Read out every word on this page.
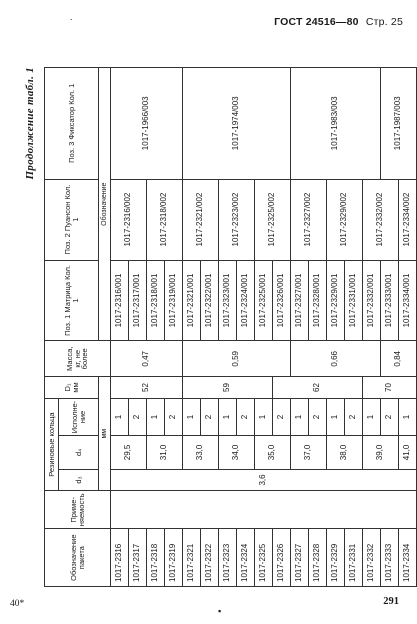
ГОСТ 24516—80 Стр. 25
.
Продолжение табл. 1
Обозначение пакета	Приме- няемость	Резиновые кольца			D₁ мм	Масса, кг, не более	Поз. 1 Матрица Кол. 1	Поз. 2 Пуансон Кол. 1	Поз. 3 Фиксатор Кол. 1
		d₃	d₄	Исполне- ние					
		мм					Обозначение		
1017-2316		3,6	29,5	1	52	0,47	1017-2316/001	1017-2316/002	1017-1966/003
1017-2317				2			1017-2317/001		
1017-2318			31,0	1			1017-2318/001	1017-2318/002	
1017-2319				2			1017-2319/001		
1017-2321			33,0	1	59	0,59	1017-2321/001	1017-2321/002	1017-1974/003
1017-2322				2			1017-2322/001		
1017-2323			34,0	1			1017-2323/001	1017-2323/002	
1017-2324				2			1017-2324/001		
1017-2325			35,0	1			1017-2325/001	1017-2325/002	
1017-2326				2	62		1017-2326/001		
1017-2327			37,0	1		0,66	1017-2327/001	1017-2327/002	1017-1983/003
1017-2328				2			1017-2328/001		
1017-2329			38,0	1			1017-2329/001	1017-2329/002	
1017-2331				2			1017-2331/001		
1017-2332			39,0	1	70		1017-2332/001	1017-2332/002	
1017-2333				2		0,84	1017-2333/001		1017-1987/003
1017-2334			41,0	1			1017-2334/001	1017-2334/002	
▪
40*	291
